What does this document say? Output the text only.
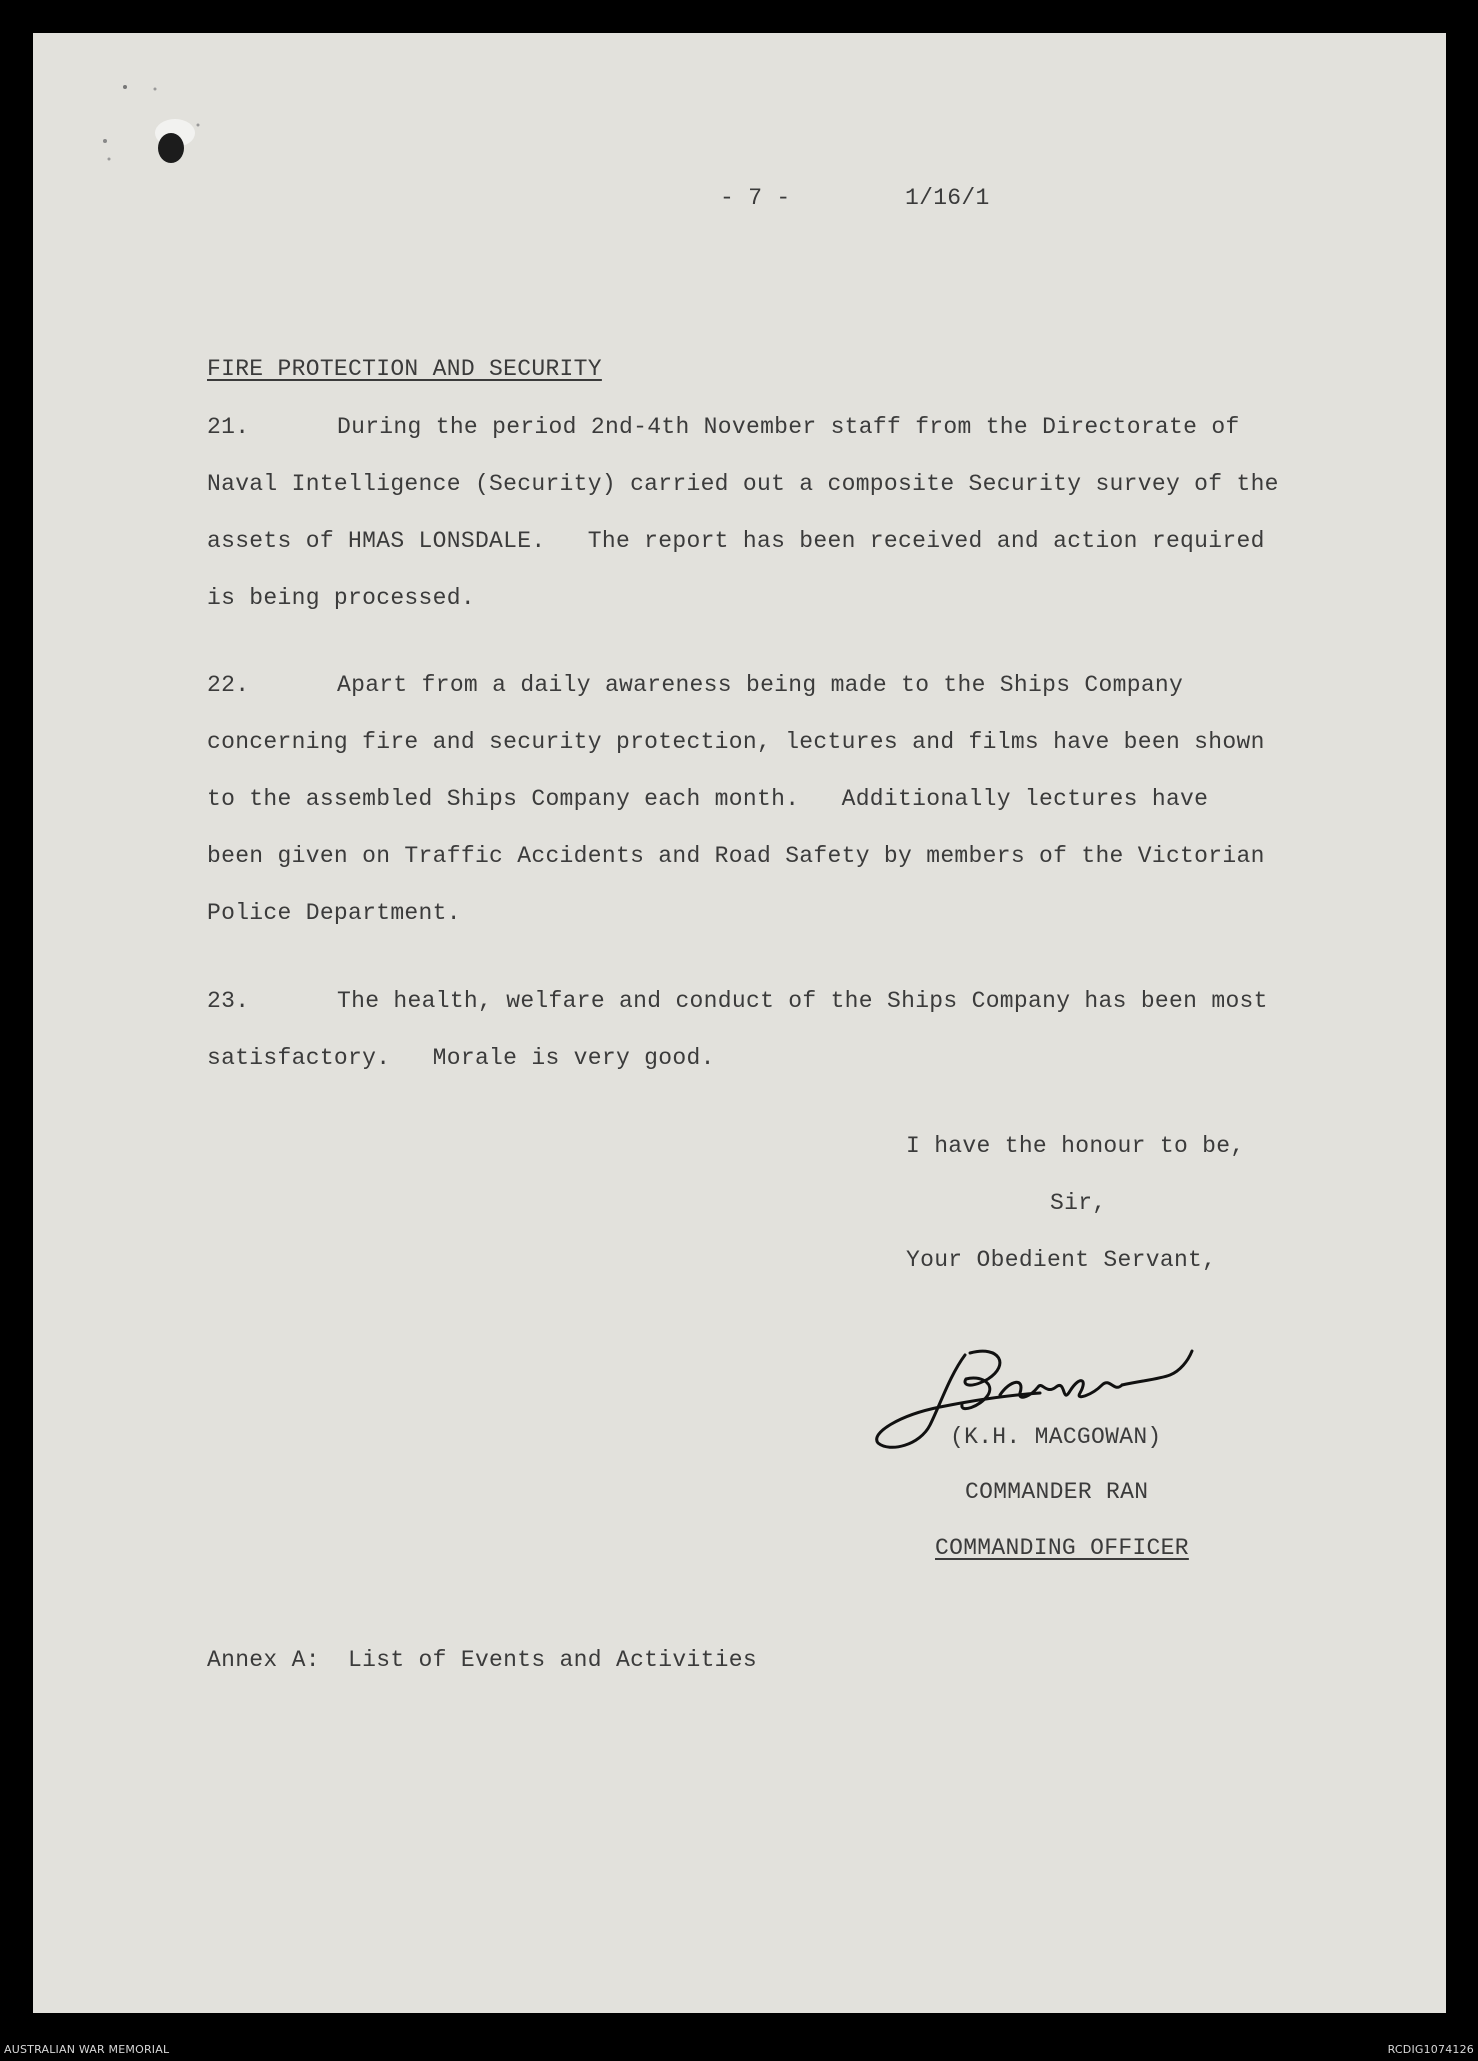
- 7 -	1/16/1
FIRE PROTECTION AND SECURITY
21.	During the period 2nd-4th November staff from the Directorate of
Naval Intelligence (Security) carried out a composite Security survey of the
assets of HMAS LONSDALE.   The report has been received and action required
is being processed.
22.	Apart from a daily awareness being made to the Ships Company
concerning fire and security protection, lectures and films have been shown
to the assembled Ships Company each month.   Additionally lectures have
been given on Traffic Accidents and Road Safety by members of the Victorian
Police Department.
23.	The health, welfare and conduct of the Ships Company has been most
satisfactory.   Morale is very good.
I have the honour to be,
Sir,
Your Obedient Servant,
(K.H. MACGOWAN)
COMMANDER RAN
COMMANDING OFFICER
Annex A:  List of Events and Activities
AUSTRALIAN WAR MEMORIAL	RCDIG1074126
